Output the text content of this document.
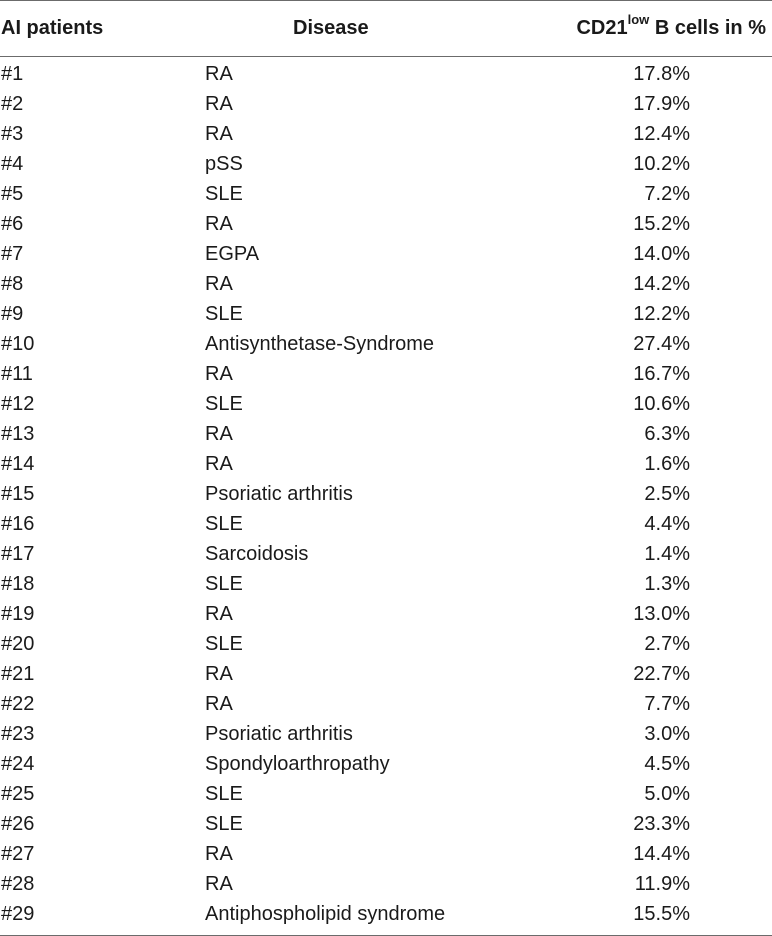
AI patients	Disease	$CD21^{low}$ B cells in %
#1	RA	17.8%
#2	RA	17.9%
#3	RA	12.4%
#4	pSS	10.2%
#5	SLE	7.2%
#6	RA	15.2%
#7	EGPA	14.0%
#8	RA	14.2%
#9	SLE	12.2%
#10	Antisynthetase-Syndrome	27.4%
#11	RA	16.7%
#12	SLE	10.6%
#13	RA	6.3%
#14	RA	1.6%
#15	Psoriatic arthritis	2.5%
#16	SLE	4.4%
#17	Sarcoidosis	1.4%
#18	SLE	1.3%
#19	RA	13.0%
#20	SLE	2.7%
#21	RA	22.7%
#22	RA	7.7%
#23	Psoriatic arthritis	3.0%
#24	Spondyloarthropathy	4.5%
#25	SLE	5.0%
#26	SLE	23.3%
#27	RA	14.4%
#28	RA	11.9%
#29	Antiphospholipid syndrome	15.5%
